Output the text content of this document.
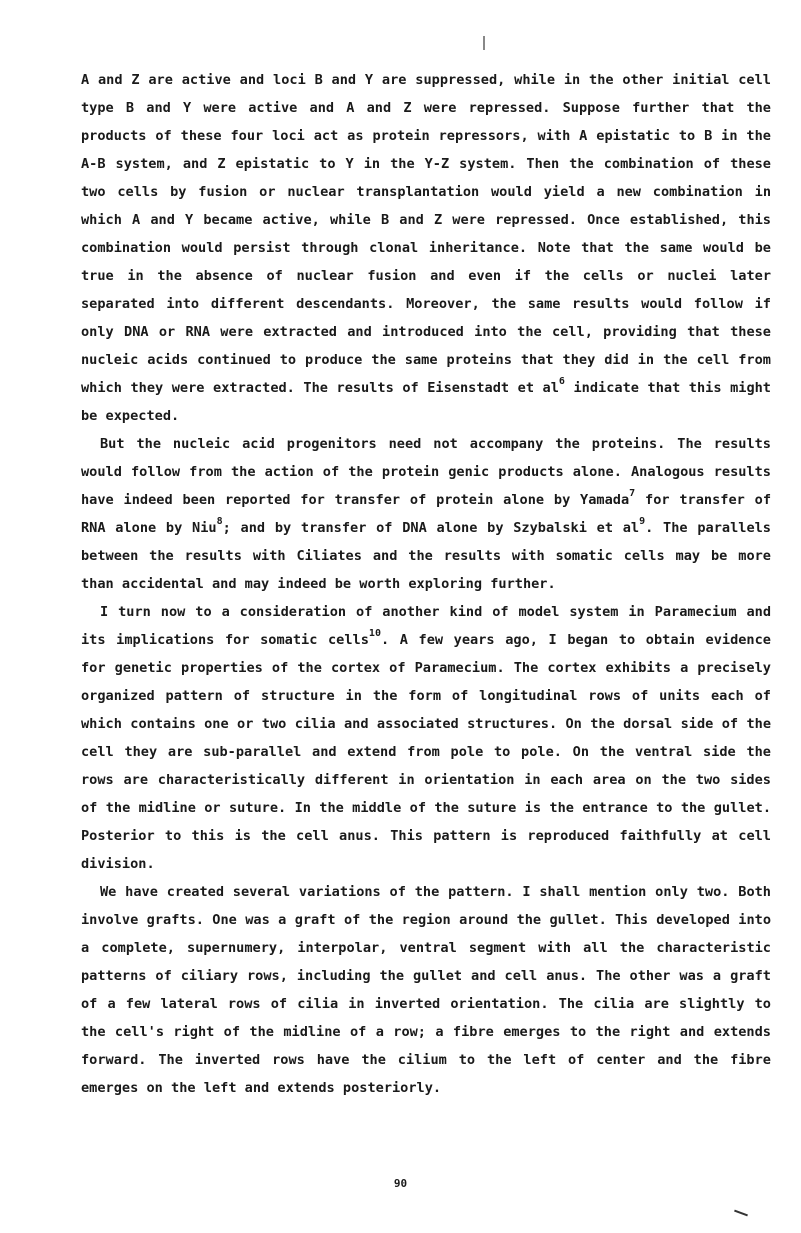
A and Z are active and loci B and Y are suppressed, while in the other initial cell type B and Y were active and A and Z were repressed. Suppose further that the products of these four loci act as protein repressors, with A epistatic to B in the A-B system, and Z epistatic to Y in the Y-Z system. Then the combination of these two cells by fusion or nuclear transplantation would yield a new combination in which A and Y became active, while B and Z were repressed. Once established, this combination would persist through clonal inheritance. Note that the same would be true in the absence of nuclear fusion and even if the cells or nuclei later separated into different descendants. Moreover, the same results would follow if only DNA or RNA were extracted and introduced into the cell, providing that these nucleic acids continued to produce the same proteins that they did in the cell from which they were extracted. The results of Eisenstadt et $al^6$ indicate that this might be expected.

But the nucleic acid progenitors need not accompany the proteins. The results would follow from the action of the protein genic products alone. Analogous results have indeed been reported for transfer of protein alone by Yamada$^7$ for transfer of RNA alone by Niu$^8$; and by transfer of DNA alone by Szybalski et $al^9$. The parallels between the results with Ciliates and the results with somatic cells may be more than accidental and may indeed be worth exploring further.

I turn now to a consideration of another kind of model system in Paramecium and its implications for somatic cells$^{10}$. A few years ago, I began to obtain evidence for genetic properties of the cortex of Paramecium. The cortex exhibits a precisely organized pattern of structure in the form of longitudinal rows of units each of which contains one or two cilia and associated structures. On the dorsal side of the cell they are sub-parallel and extend from pole to pole. On the ventral side the rows are characteristically different in orientation in each area on the two sides of the midline or suture. In the middle of the suture is the entrance to the gullet. Posterior to this is the cell anus. This pattern is reproduced faithfully at cell division.

We have created several variations of the pattern. I shall mention only two. Both involve grafts. One was a graft of the region around the gullet. This developed into a complete, supernumery, interpolar, ventral segment with all the characteristic patterns of ciliary rows, including the gullet and cell anus. The other was a graft of a few lateral rows of cilia in inverted orientation. The cilia are slightly to the cell's right of the midline of a row; a fibre emerges to the right and extends forward. The inverted rows have the cilium to the left of center and the fibre emerges on the left and extends posteriorly.

90
